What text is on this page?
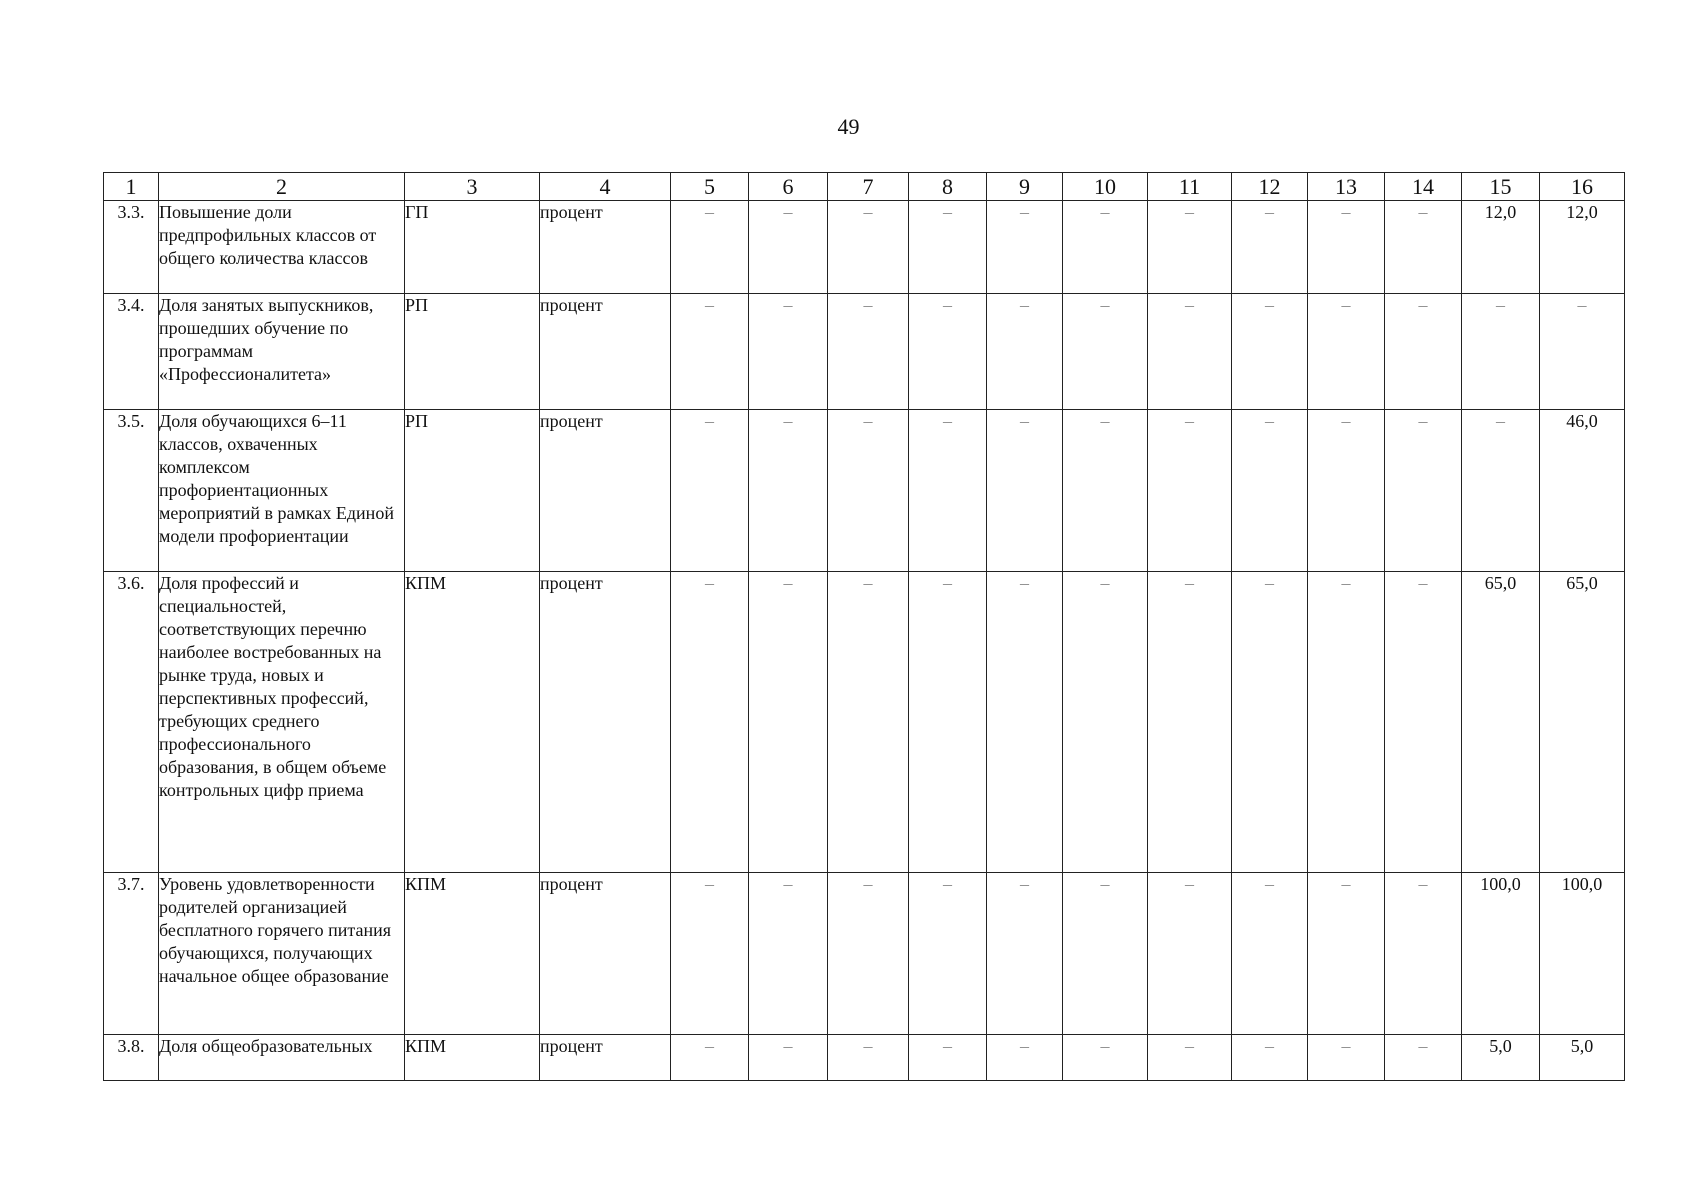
49
1	2	3	4	5	6	7	8	9	10	11	12	13	14	15	16
3.3.	Повышение доли предпрофильных классов от общего количества классов	ГП	процент	–	–	–	–	–	–	–	–	–	–	12,0	12,0
3.4.	Доля занятых выпускников, прошедших обучение по программам «Профессионалитета»	РП	процент	–	–	–	–	–	–	–	–	–	–	–	–
3.5.	Доля обучающихся 6–11 классов, охваченных комплексом профориентационных мероприятий в рамках Единой модели профориентации	РП	процент	–	–	–	–	–	–	–	–	–	–	–	46,0
3.6.	Доля профессий и специальностей, соответствующих перечню наиболее востребованных на рынке труда, новых и перспективных профессий, требующих среднего профессионального образования, в общем объеме контрольных цифр приема	КПМ	процент	–	–	–	–	–	–	–	–	–	–	65,0	65,0
3.7.	Уровень удовлетворенности родителей организацией бесплатного горячего питания обучающихся, получающих начальное общее образование	КПМ	процент	–	–	–	–	–	–	–	–	–	–	100,0	100,0
3.8.	Доля общеобразовательных	КПМ	процент	–	–	–	–	–	–	–	–	–	–	5,0	5,0
